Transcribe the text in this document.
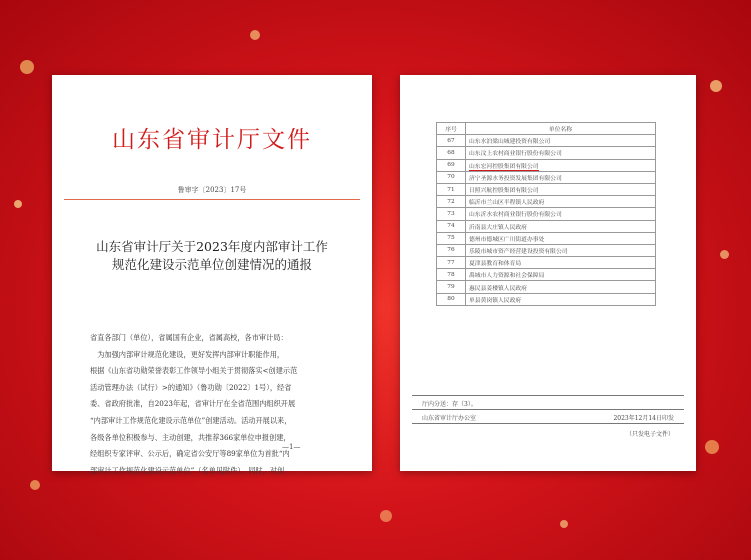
山东省审计厅文件
鲁审字〔2023〕17号
山东省审计厅关于2023年度内部审计工作
规范化建设示范单位创建情况的通报
省直各部门（单位），省属国有企业，省属高校，各市审计局：
　为加强内部审计规范化建设，更好发挥内部审计职能作用，
根据《山东省功勋荣誉表彰工作领导小组关于贯彻落实<创建示范
活动管理办法（试行）>的通知》（鲁功勋〔2022〕1号），经省
委、省政府批准，自2023年起，省审计厅在全省范围内组织开展
“内部审计工作规范化建设示范单位”创建活动。活动开展以来，
各级各单位积极参与、主动创建，共推荐366家单位申报创建，
经组织专家评审、公示后，确定省公安厅等89家单位为首批“内
部审计工作规范化建设示范单位”（名单见附件）。同时，对创
—1—
序号	单位名称
67	山东水泊梁山城建投资有限公司
68	山东汶上农村商业银行股份有限公司
69	山东宏河控股集团有限公司
70	济宁圣源水务投资发展集团有限公司
71	日照兴航控股集团有限公司
72	临沂市兰山区半程镇人民政府
73	山东沂水农村商业银行股份有限公司
74	沂南县大庄镇人民政府
75	德州市德城区广川街道办事处
76	乐陵市城市资产经营建设投资有限公司
77	夏津县教育和体育局
78	禹城市人力资源和社会保障局
79	惠民县姜楼镇人民政府
80	单县黄岗镇人民政府
厅内分送：存（3）。
山东省审计厅办公室	2023年12月14日印发
（只发电子文件）
